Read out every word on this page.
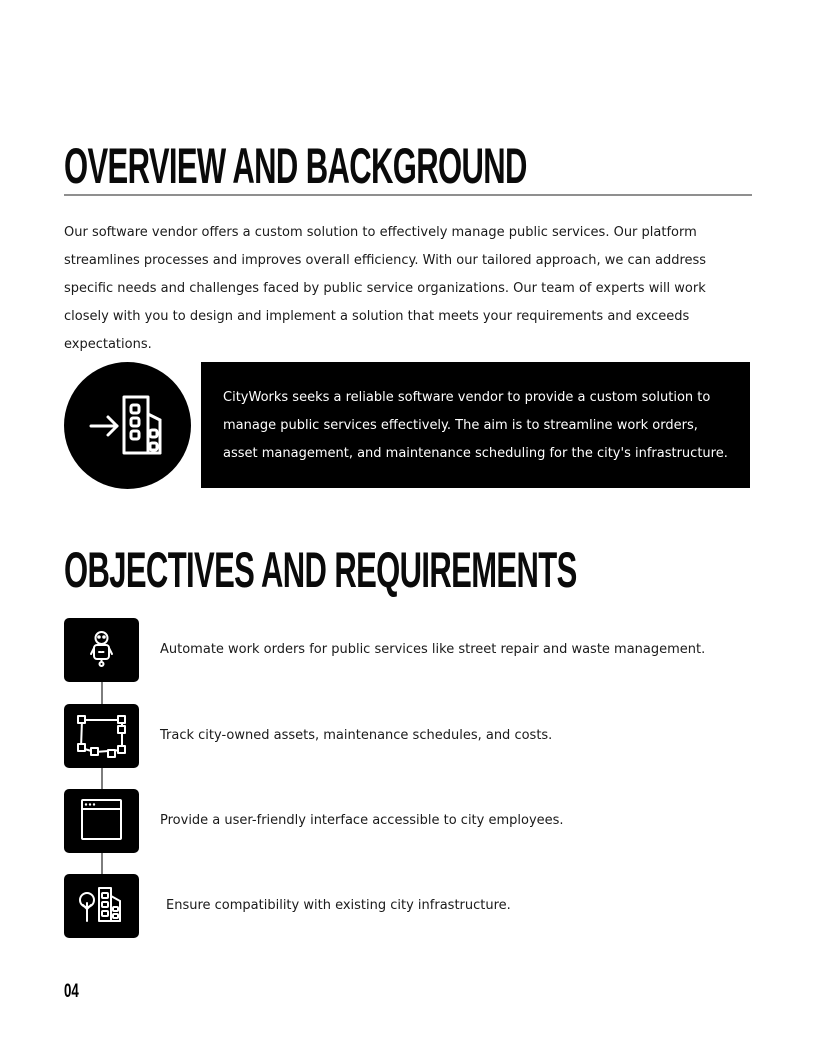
OVERVIEW AND BACKGROUND

Our software vendor offers a custom solution to effectively manage public services. Our platform streamlines processes and improves overall efficiency. With our tailored approach, we can address specific needs and challenges faced by public service organizations. Our team of experts will work closely with you to design and implement a solution that meets your requirements and exceeds expectations.

CityWorks seeks a reliable software vendor to provide a custom solution to manage public services effectively. The aim is to streamline work orders, asset management, and maintenance scheduling for the city's infrastructure.

OBJECTIVES AND REQUIREMENTS

Automate work orders for public services like street repair and waste management.

Track city-owned assets, maintenance schedules, and costs.

Provide a user-friendly interface accessible to city employees.

Ensure compatibility with existing city infrastructure.

04
